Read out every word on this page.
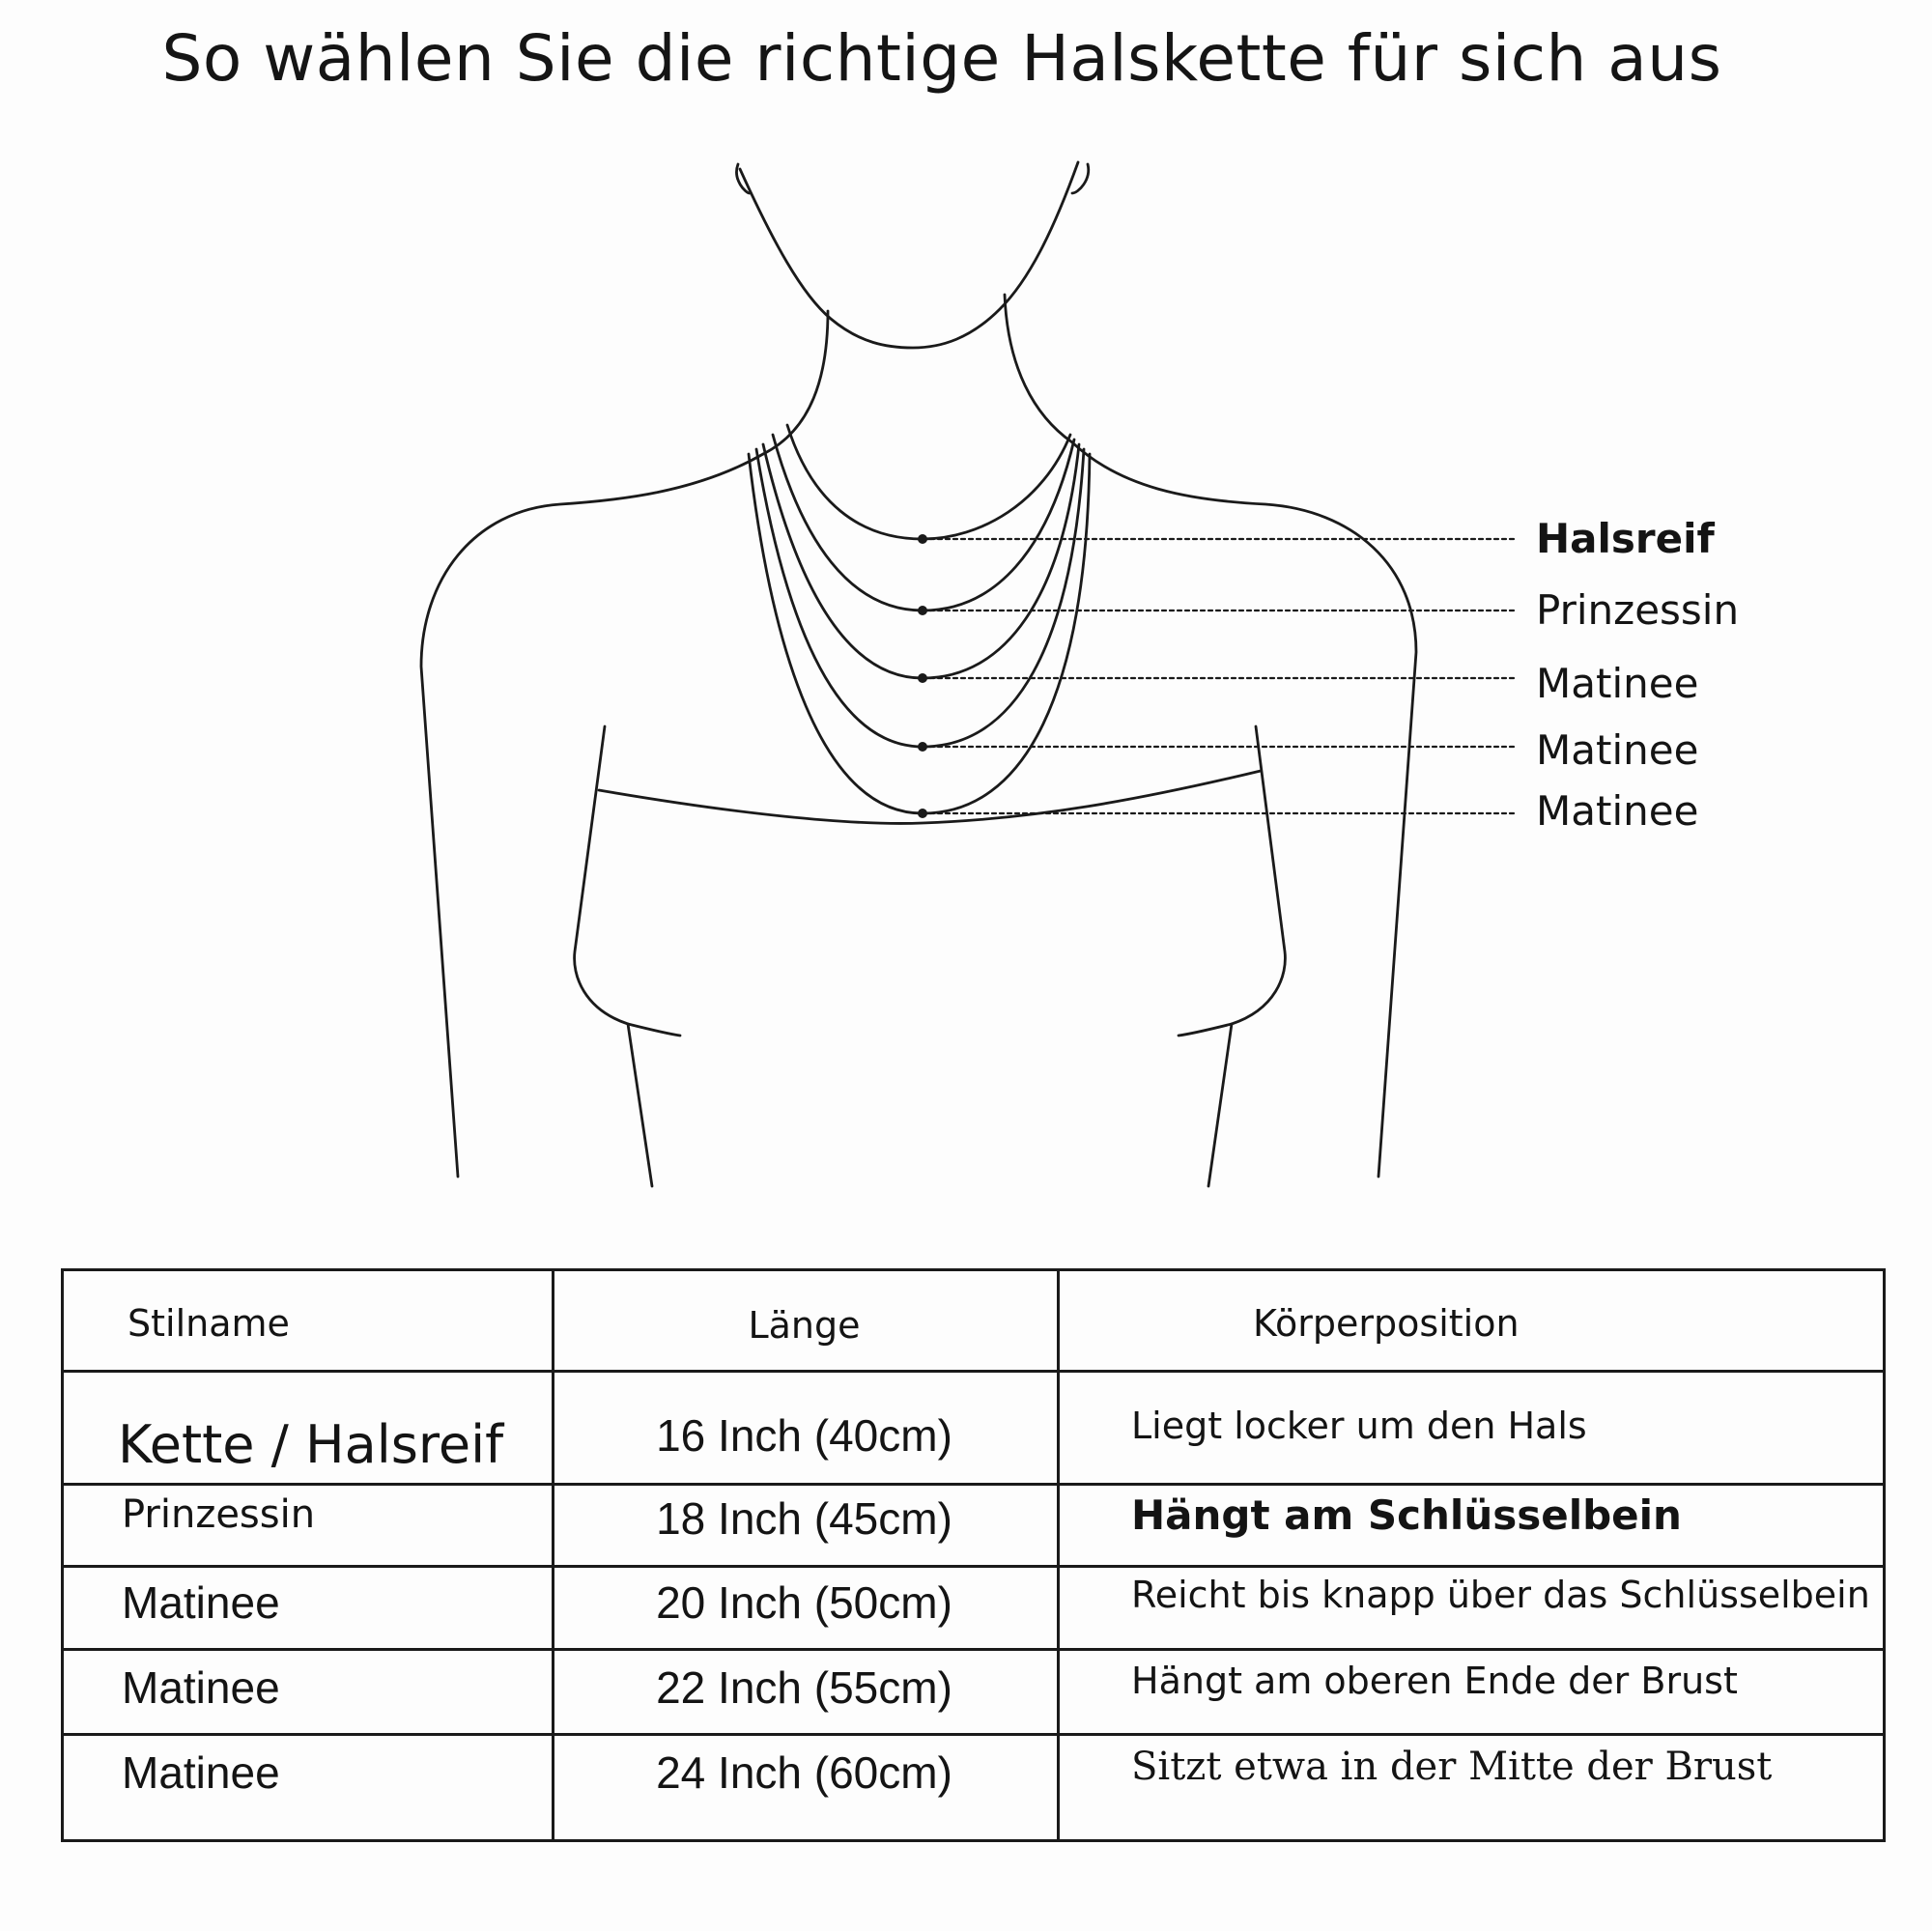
So wählen Sie die richtige Halskette für sich aus
Halsreif
Prinzessin
Matinee
Matinee
Matinee
Stilname	Länge	Körperposition
Kette / Halsreif	16 Inch (40cm)	Liegt locker um den Hals
Prinzessin	18 Inch (45cm)	Hängt am Schlüsselbein
Matinee	20 Inch (50cm)	Reicht bis knapp über das Schlüsselbein
Matinee	22 Inch (55cm)	Hängt am oberen Ende der Brust
Matinee	24 Inch (60cm)	Sitzt etwa in der Mitte der Brust
